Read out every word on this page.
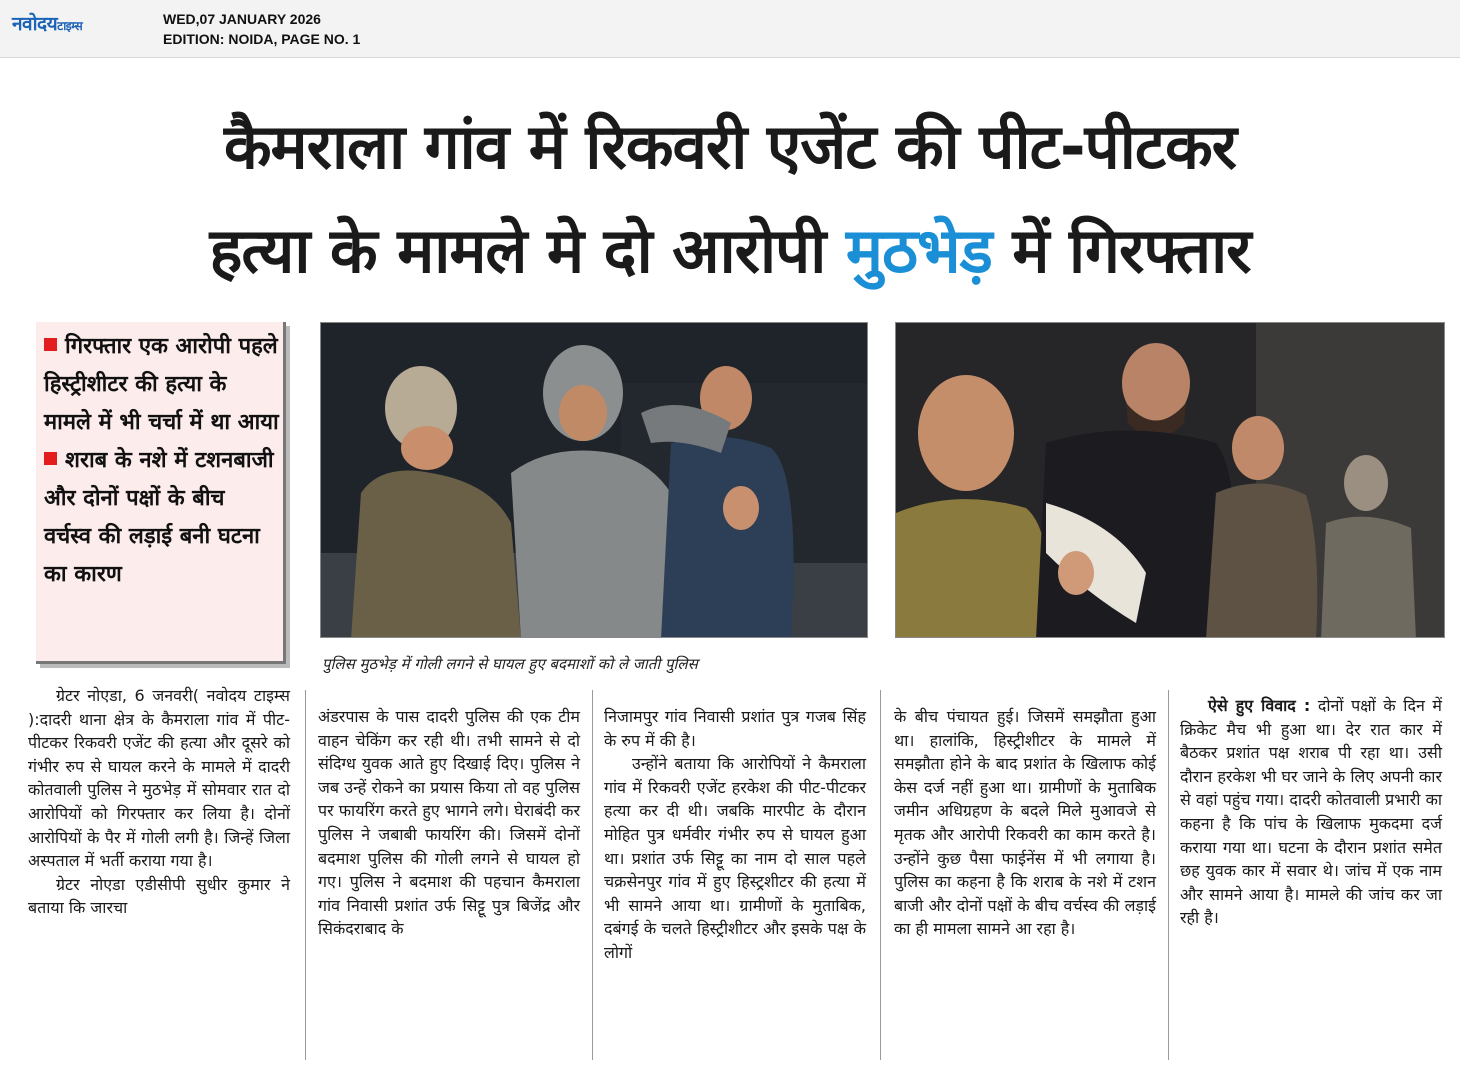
नवोदयटाइम्स	WED,07 JANUARY 2026
EDITION: NOIDA, PAGE NO. 1
कैमराला गांव में रिकवरी एजेंट की पीट-पीटकर
हत्या के मामले मे दो आरोपी मुठभेड़ में गिरफ्तार
गिरफ्तार एक आरोपी पहले हिस्ट्रीशीटर की हत्या के मामले में भी चर्चा में था आया
शराब के नशे में टशनबाजी और दोनों पक्षों के बीच वर्चस्व की लड़ाई बनी घटना का कारण
पुलिस मुठभेड़ में गोली लगने से घायल हुए बदमाशों को ले जाती पुलिस

ग्रेटर नोएडा, 6 जनवरी( नवोदय टाइम्स ):दादरी थाना क्षेत्र के कैमराला गांव में पीट-पीटकर रिकवरी एजेंट की हत्या और दूसरे को गंभीर रुप से घायल करने के मामले में दादरी कोतवाली पुलिस ने मुठभेड़ में सोमवार रात दो आरोपियों को गिरफ्तार कर लिया है। दोनों आरोपियों के पैर में गोली लगी है। जिन्हें जिला अस्पताल में भर्ती कराया गया है।

ग्रेटर नोएडा एडीसीपी सुधीर कुमार ने बताया कि जारचा

अंडरपास के पास दादरी पुलिस की एक टीम वाहन चेकिंग कर रही थी। तभी सामने से दो संदिग्ध युवक आते हुए दिखाई दिए। पुलिस ने जब उन्हें रोकने का प्रयास किया तो वह पुलिस पर फायरिंग करते हुए भागने लगे। घेराबंदी कर पुलिस ने जबाबी फायरिंग की। जिसमें दोनों बदमाश पुलिस की गोली लगने से घायल हो गए। पुलिस ने बदमाश की पहचान कैमराला गांव निवासी प्रशांत उर्फ सिट्टू पुत्र बिजेंद्र और सिकंदराबाद के

निजामपुर गांव निवासी प्रशांत पुत्र गजब सिंह के रुप में की है।

उन्होंने बताया कि आरोपियों ने कैमराला गांव में रिकवरी एजेंट हरकेश की पीट-पीटकर हत्या कर दी थी। जबकि मारपीट के दौरान मोहित पुत्र धर्मवीर गंभीर रुप से घायल हुआ था। प्रशांत उर्फ सिट्टू का नाम दो साल पहले चक्रसेनपुर गांव में हुए हिस्ट्रशीटर की हत्या में भी सामने आया था। ग्रामीणों के मुताबिक, दबंगई के चलते हिस्ट्रीशीटर और इसके पक्ष के लोगों

के बीच पंचायत हुई। जिसमें समझौता हुआ था। हालांकि, हिस्ट्रीशीटर के मामले में समझौता होने के बाद प्रशांत के खिलाफ कोई केस दर्ज नहीं हुआ था। ग्रामीणों के मुताबिक जमीन अधिग्रहण के बदले मिले मुआवजे से मृतक और आरोपी रिकवरी का काम करते है। उन्होंने कुछ पैसा फाईनेंस में भी लगाया है। पुलिस का कहना है कि शराब के नशे में टशन बाजी और दोनों पक्षों के बीच वर्चस्व की लड़ाई का ही मामला सामने आ रहा है।

ऐसे हुए विवाद : दोनों पक्षों के दिन में क्रिकेट मैच भी हुआ था। देर रात कार में बैठकर प्रशांत पक्ष शराब पी रहा था। उसी दौरान हरकेश भी घर जाने के लिए अपनी कार से वहां पहुंच गया। दादरी कोतवाली प्रभारी का कहना है कि पांच के खिलाफ मुकदमा दर्ज कराया गया था। घटना के दौरान प्रशांत समेत छह युवक कार में सवार थे। जांच में एक नाम और सामने आया है। मामले की जांच कर जा रही है।
